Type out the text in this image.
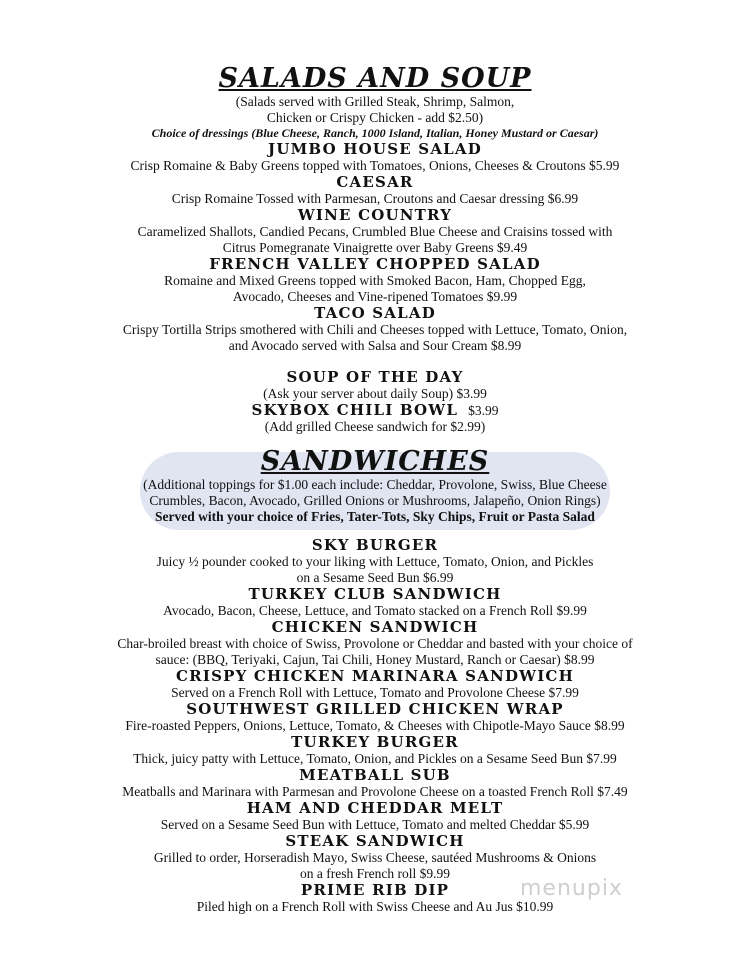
SALADS AND SOUP

(Salads served with Grilled Steak, Shrimp, Salmon,

Chicken or Crispy Chicken - add $2.50)

Choice of dressings (Blue Cheese, Ranch, 1000 Island, Italian, Honey Mustard or Caesar)

JUMBO HOUSE SALAD

Crisp Romaine & Baby Greens topped with Tomatoes, Onions, Cheeses & Croutons $5.99

CAESAR

Crisp Romaine Tossed with Parmesan, Croutons and Caesar dressing $6.99

WINE COUNTRY

Caramelized Shallots, Candied Pecans, Crumbled Blue Cheese and Craisins tossed with

Citrus Pomegranate Vinaigrette over Baby Greens $9.49

FRENCH VALLEY CHOPPED SALAD

Romaine and Mixed Greens topped with Smoked Bacon, Ham, Chopped Egg,

Avocado, Cheeses and Vine-ripened Tomatoes $9.99

TACO SALAD

Crispy Tortilla Strips smothered with Chili and Cheeses topped with Lettuce, Tomato, Onion,

and Avocado served with Salsa and Sour Cream $8.99

SOUP OF THE DAY

(Ask your server about daily Soup) $3.99

SKYBOX CHILI BOWL $3.99

(Add grilled Cheese sandwich for $2.99)

SANDWICHES

(Additional toppings for $1.00 each include: Cheddar, Provolone, Swiss, Blue Cheese

Crumbles, Bacon, Avocado, Grilled Onions or Mushrooms, Jalapeño, Onion Rings)

Served with your choice of Fries, Tater-Tots, Sky Chips, Fruit or Pasta Salad

SKY BURGER

Juicy ½ pounder cooked to your liking with Lettuce, Tomato, Onion, and Pickles

on a Sesame Seed Bun $6.99

TURKEY CLUB SANDWICH

Avocado, Bacon, Cheese, Lettuce, and Tomato stacked on a French Roll $9.99

CHICKEN SANDWICH

Char-broiled breast with choice of Swiss, Provolone or Cheddar and basted with your choice of

sauce: (BBQ, Teriyaki, Cajun, Tai Chili, Honey Mustard, Ranch or Caesar) $8.99

CRISPY CHICKEN MARINARA SANDWICH

Served on a French Roll with Lettuce, Tomato and Provolone Cheese $7.99

SOUTHWEST GRILLED CHICKEN WRAP

Fire-roasted Peppers, Onions, Lettuce, Tomato, & Cheeses with Chipotle-Mayo Sauce $8.99

TURKEY BURGER

Thick, juicy patty with Lettuce, Tomato, Onion, and Pickles on a Sesame Seed Bun $7.99

MEATBALL SUB

Meatballs and Marinara with Parmesan and Provolone Cheese on a toasted French Roll $7.49

HAM AND CHEDDAR MELT

Served on a Sesame Seed Bun with Lettuce, Tomato and melted Cheddar $5.99

STEAK SANDWICH

Grilled to order, Horseradish Mayo, Swiss Cheese, sautéed Mushrooms & Onions

on a fresh French roll $9.99

PRIME RIB DIP

Piled high on a French Roll with Swiss Cheese and Au Jus $10.99

menupix
